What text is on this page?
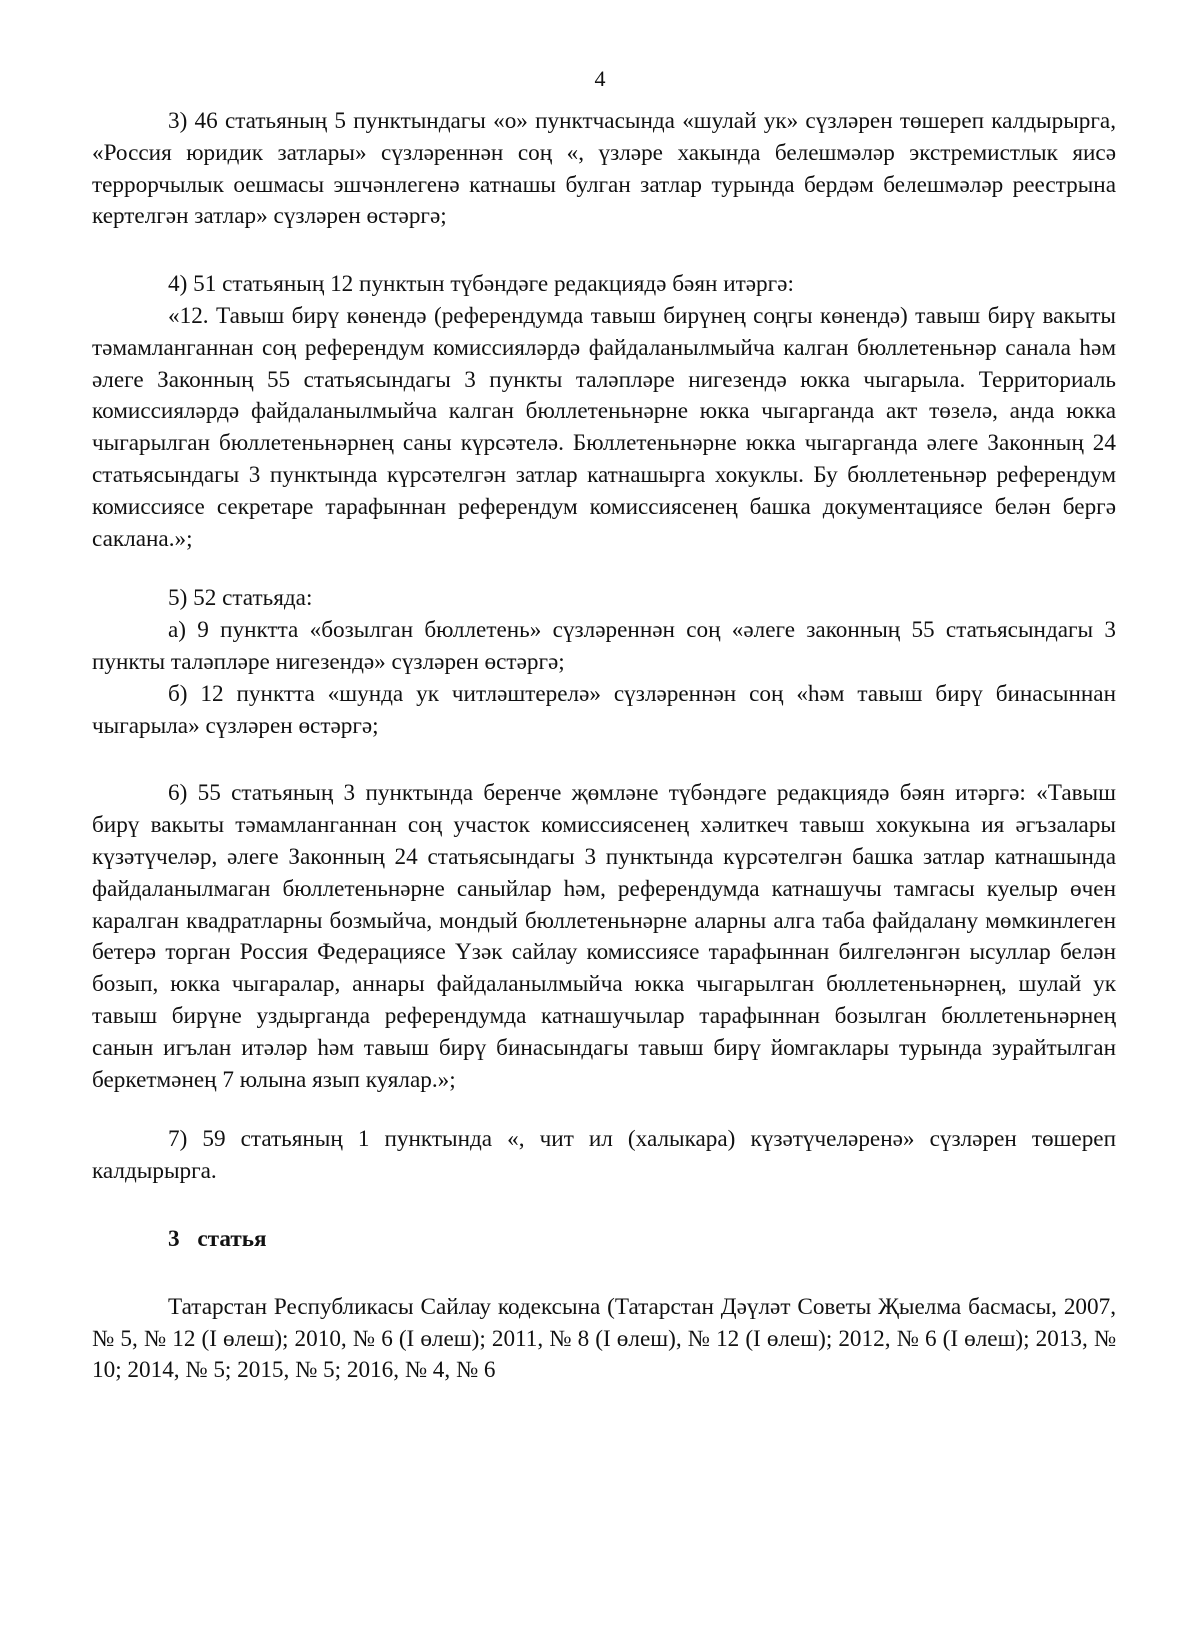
4

3) 46 статьяның 5 пунктындагы «о» пунктчасында «шулай ук» сүзләрен төшереп калдырырга, «Россия юридик затлары» сүзләреннән соң «, үзләре хакында белешмәләр экстремистлык яисә террорчылык оешмасы эшчәнлегенә катнашы булган затлар турында бердәм белешмәләр реестрына кертелгән затлар» сүзләрен өстәргә;

4) 51 статьяның 12 пунктын түбәндәге редакциядә бәян итәргә:

«12. Тавыш бирү көнендә (референдумда тавыш бирүнең соңгы көнендә) тавыш бирү вакыты тәмамланганнан соң референдум комиссияләрдә файдаланылмыйча калган бюллетеньнәр санала һәм әлеге Законның 55 статьясындагы 3 пункты таләпләре нигезендә юкка чыгарыла. Территориаль комиссияләрдә файдаланылмыйча калган бюллетеньнәрне юкка чыгарганда акт төзелә, анда юкка чыгарылган бюллетеньнәрнең саны күрсәтелә. Бюллетеньнәрне юкка чыгарганда әлеге Законның 24 статьясындагы 3 пунктында күрсәтелгән затлар катнашырга хокуклы. Бу бюллетеньнәр референдум комиссиясе секретаре тарафыннан референдум комиссиясенең башка документациясе белән бергә саклана.»;

5) 52 статьяда:

а) 9 пунктта «бозылган бюллетень» сүзләреннән соң «әлеге законның 55 статьясындагы 3 пункты таләпләре нигезендә» сүзләрен өстәргә;

б) 12 пунктта «шунда ук читләштерелә» сүзләреннән соң «һәм тавыш бирү бинасыннан чыгарыла» сүзләрен өстәргә;

6) 55 статьяның 3 пунктында беренче җөмләне түбәндәге редакциядә бәян итәргә: «Тавыш бирү вакыты тәмамланганнан соң участок комиссиясенең хәлиткеч тавыш хокукына ия әгъзалары күзәтүчеләр, әлеге Законның 24 статьясындагы 3 пунктында күрсәтелгән башка затлар катнашында файдаланылмаган бюллетеньнәрне саныйлар һәм, референдумда катнашучы тамгасы куелыр өчен каралган квадратларны бозмыйча, мондый бюллетеньнәрне аларны алга таба файдалану мөмкинлеген бетерә торган Россия Федерациясе Үзәк сайлау комиссиясе тарафыннан билгеләнгән ысуллар белән бозып, юкка чыгаралар, аннары файдаланылмыйча юкка чыгарылган бюллетеньнәрнең, шулай ук тавыш бирүне уздырганда референдумда катнашучылар тарафыннан бозылган бюллетеньнәрнең санын игълан итәләр һәм тавыш бирү бинасындагы тавыш бирү йомгаклары турында зурайтылган беркетмәнең 7 юлына язып куялар.»;

7) 59 статьяның 1 пунктында «, чит ил (халыкара) күзәтүчеләренә» сүзләрен төшереп калдырырга.

3 статья

Татарстан Республикасы Сайлау кодексына (Татарстан Дәүләт Советы Җыелма басмасы, 2007, № 5, № 12 (I өлеш); 2010, № 6 (I өлеш); 2011, № 8 (I өлеш), № 12 (I өлеш); 2012, № 6 (I өлеш); 2013, № 10; 2014, № 5; 2015, № 5; 2016, № 4, № 6
